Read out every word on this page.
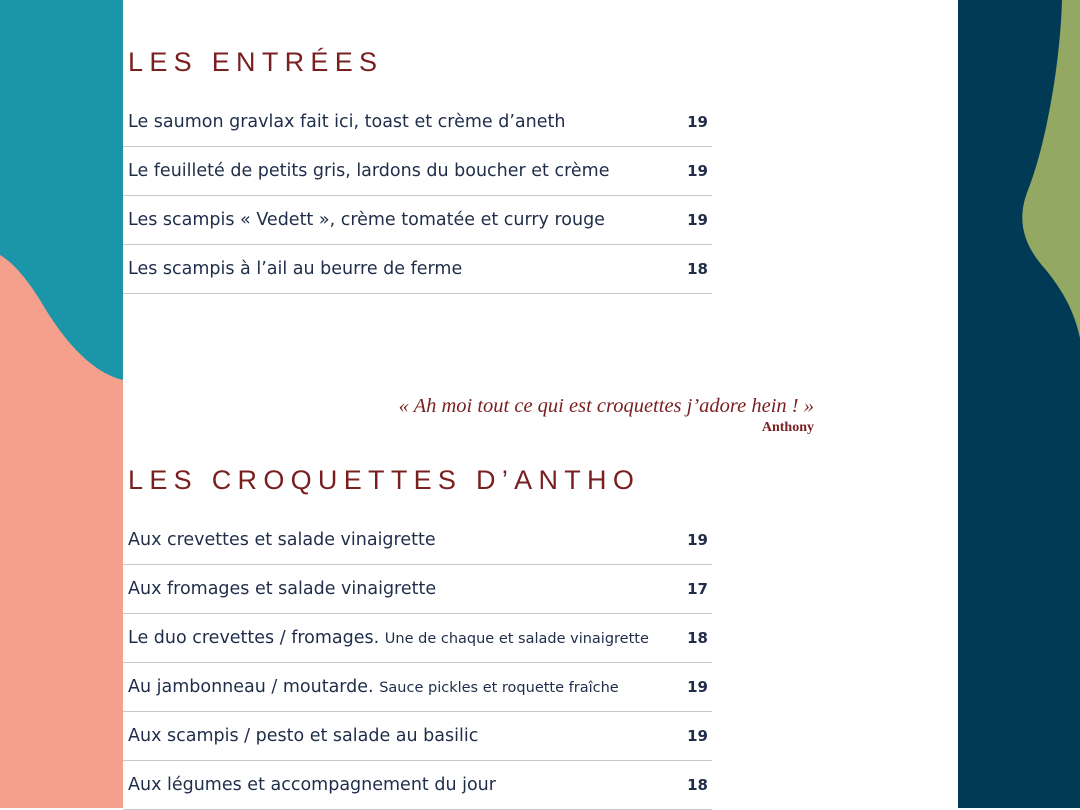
LES ENTRÉES
Le saumon gravlax fait ici, toast et crème d’aneth	19
Le feuilleté de petits gris, lardons du boucher et crème	19
Les scampis « Vedett », crème tomatée et curry rouge	19
Les scampis à l’ail au beurre de ferme	18
« Ah moi tout ce qui est croquettes j’adore hein ! »
Anthony
LES CROQUETTES D’ANTHO
Aux crevettes et salade vinaigrette	19
Aux fromages et salade vinaigrette	17
Le duo crevettes / fromages. Une de chaque et salade vinaigrette	18
Au jambonneau / moutarde. Sauce pickles et roquette fraîche	19
Aux scampis / pesto et salade au basilic	19
Aux légumes et accompagnement du jour	18
